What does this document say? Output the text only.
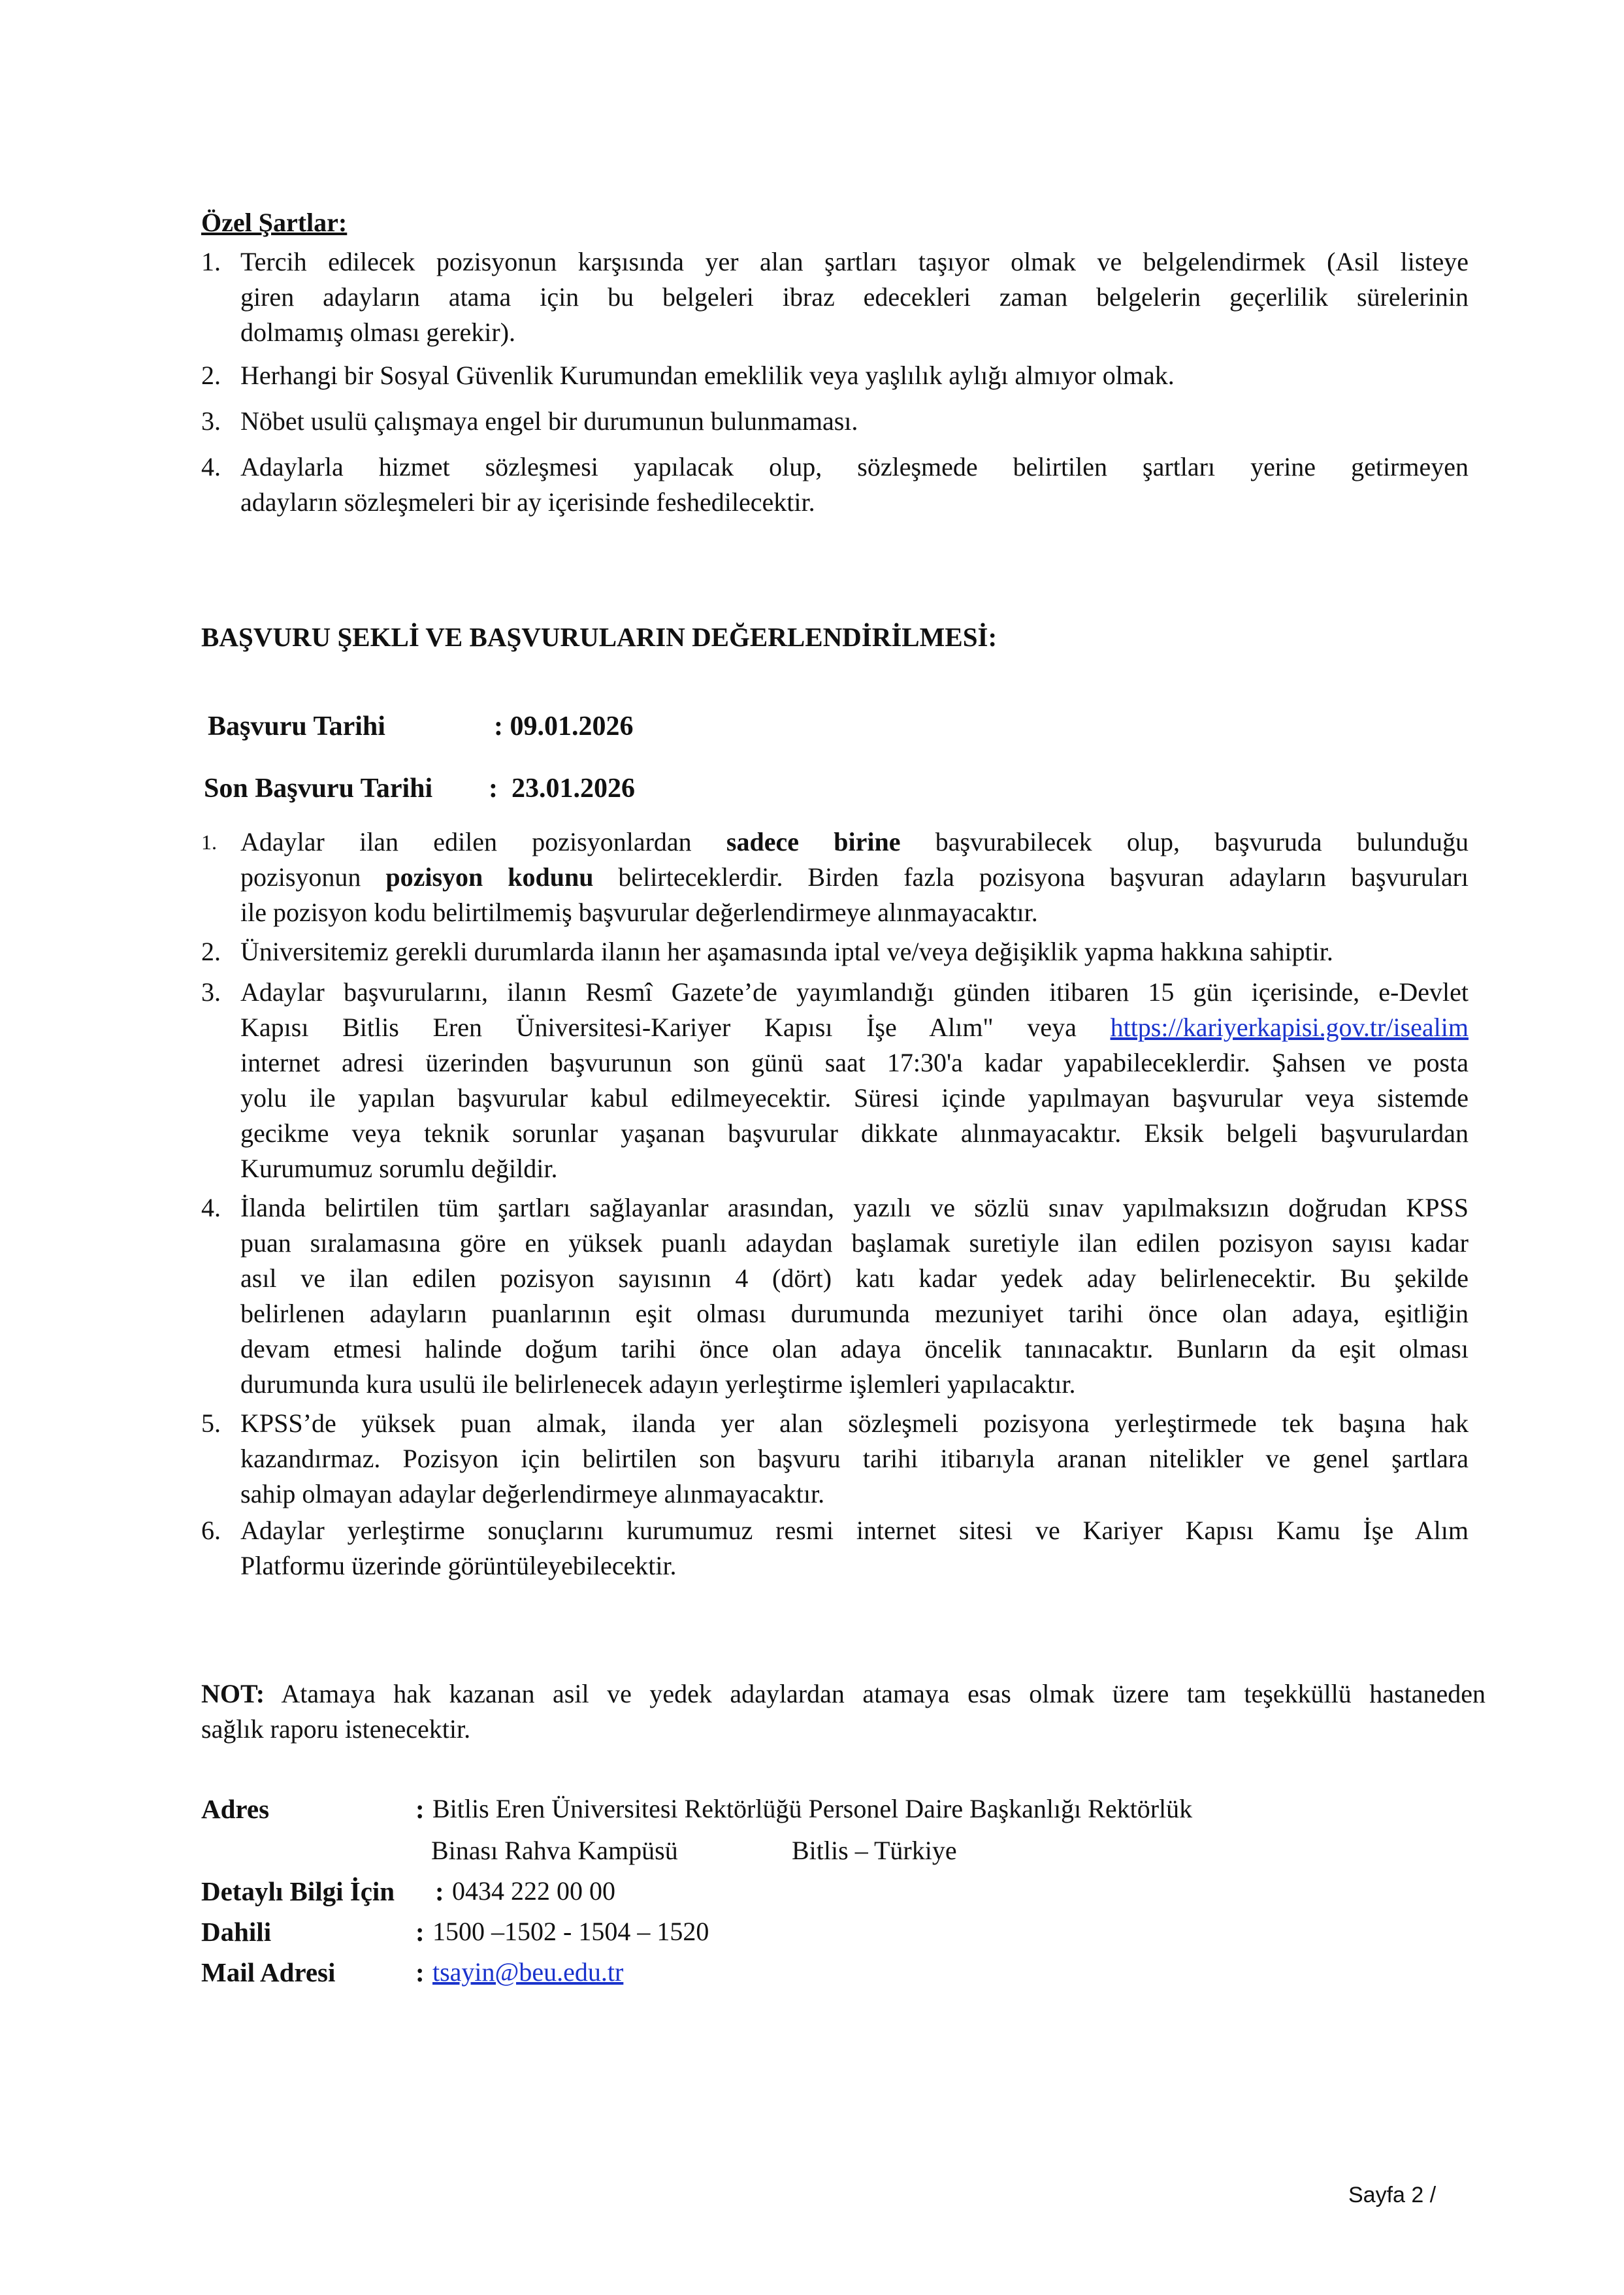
Özel Şartlar:
1. Tercih edilecek pozisyonun karşısında yer alan şartları taşıyor olmak ve belgelendirmek (Asil listeye
giren adayların atama için bu belgeleri ibraz edecekleri zaman belgelerin geçerlilik sürelerinin
dolmamış olması gerekir).
2. Herhangi bir Sosyal Güvenlik Kurumundan emeklilik veya yaşlılık aylığı almıyor olmak.
3. Nöbet usulü çalışmaya engel bir durumunun bulunmaması.
4. Adaylarla hizmet sözleşmesi yapılacak olup, sözleşmede belirtilen şartları yerine getirmeyen
adayların sözleşmeleri bir ay içerisinde feshedilecektir.
BAŞVURU ŞEKLİ VE BAŞVURULARIN DEĞERLENDİRİLMESİ:
Başvuru Tarihi	: 09.01.2026
Son Başvuru Tarihi :  23.01.2026
1. Adaylar ilan edilen pozisyonlardan sadece birine başvurabilecek olup, başvuruda bulunduğu
pozisyonun pozisyon kodunu belirteceklerdir. Birden fazla pozisyona başvuran adayların başvuruları
ile pozisyon kodu belirtilmemiş başvurular değerlendirmeye alınmayacaktır.
2. Üniversitemiz gerekli durumlarda ilanın her aşamasında iptal ve/veya değişiklik yapma hakkına sahiptir.
3. Adaylar başvurularını, ilanın Resmî Gazete’de yayımlandığı günden itibaren 15 gün içerisinde, e-Devlet
Kapısı Bitlis Eren Üniversitesi-Kariyer Kapısı İşe Alım" veya https://kariyerkapisi.gov.tr/isealim
internet adresi üzerinden başvurunun son günü saat 17:30'a kadar yapabileceklerdir. Şahsen ve posta
yolu ile yapılan başvurular kabul edilmeyecektir. Süresi içinde yapılmayan başvurular veya sistemde
gecikme veya teknik sorunlar yaşanan başvurular dikkate alınmayacaktır. Eksik belgeli başvurulardan
Kurumumuz sorumlu değildir.
4. İlanda belirtilen tüm şartları sağlayanlar arasından, yazılı ve sözlü sınav yapılmaksızın doğrudan KPSS
puan sıralamasına göre en yüksek puanlı adaydan başlamak suretiyle ilan edilen pozisyon sayısı kadar
asıl ve ilan edilen pozisyon sayısının 4 (dört) katı kadar yedek aday belirlenecektir. Bu şekilde
belirlenen adayların puanlarının eşit olması durumunda mezuniyet tarihi önce olan adaya, eşitliğin
devam etmesi halinde doğum tarihi önce olan adaya öncelik tanınacaktır. Bunların da eşit olması
durumunda kura usulü ile belirlenecek adayın yerleştirme işlemleri yapılacaktır.
5. KPSS’de yüksek puan almak, ilanda yer alan sözleşmeli pozisyona yerleştirmede tek başına hak
kazandırmaz. Pozisyon için belirtilen son başvuru tarihi itibarıyla aranan nitelikler ve genel şartlara
sahip olmayan adaylar değerlendirmeye alınmayacaktır.
6. Adaylar yerleştirme sonuçlarını kurumumuz resmi internet sitesi ve Kariyer Kapısı Kamu İşe Alım
Platformu üzerinde görüntüleyebilecektir.
NOT: Atamaya hak kazanan asil ve yedek adaylardan atamaya esas olmak üzere tam teşekküllü hastaneden
sağlık raporu istenecektir.
Adres	: Bitlis Eren Üniversitesi Rektörlüğü Personel Daire Başkanlığı Rektörlük
Binası Rahva Kampüsü	Bitlis – Türkiye
Detaylı Bilgi İçin : 0434 222 00 00
Dahili	: 1500 –1502 - 1504 – 1520
Mail Adresi	: tsayin@beu.edu.tr
Sayfa 2 /
